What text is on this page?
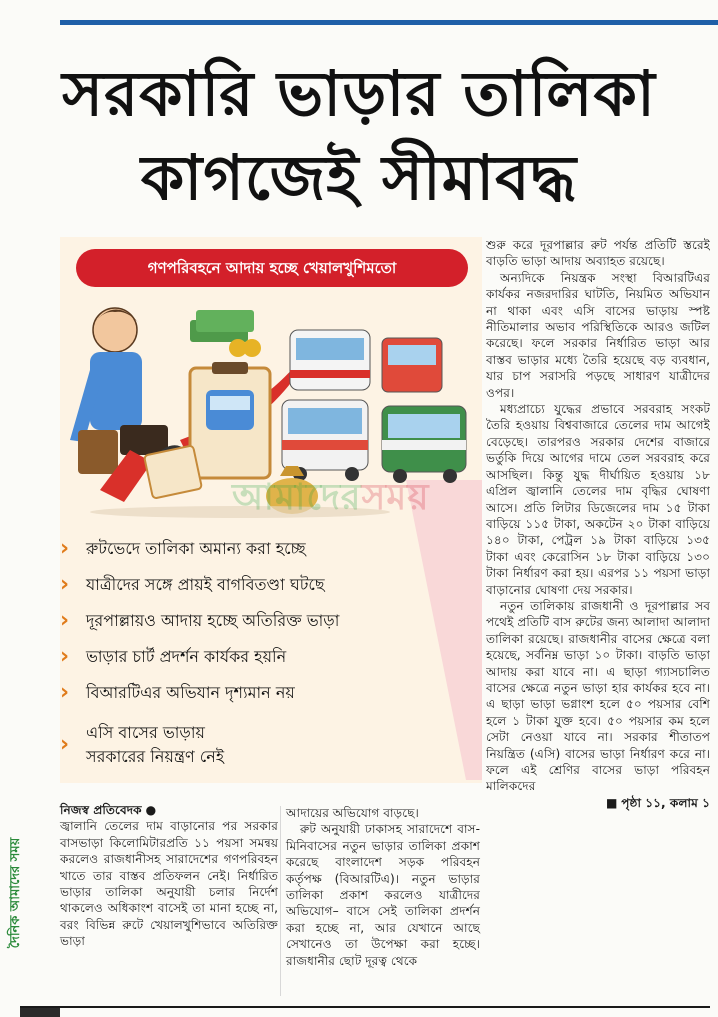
সরকারি ভাড়ার তালিকা
কাগজেই সীমাবদ্ধ
গণপরিবহনে আদায় হচ্ছে খেয়ালখুশিমতো
›	রুটভেদে তালিকা অমান্য করা হচ্ছে
›	যাত্রীদের সঙ্গে প্রায়ই বাগবিতণ্ডা ঘটছে
›	দূরপাল্লায়ও আদায় হচ্ছে অতিরিক্ত ভাড়া
›	ভাড়ার চার্ট প্রদর্শন কার্যকর হয়নি
›	বিআরটিএর অভিযান দৃশ্যমান নয়
›	এসি বাসের ভাড়ায়
সরকারের নিয়ন্ত্রণ নেই
আমাদেরসময়

শুরু করে দূরপাল্লার রুট পর্যন্ত প্রতিটি স্তরেই বাড়তি ভাড়া আদায় অব্যাহত রয়েছে।

অন্যদিকে নিয়ন্ত্রক সংস্থা বিআরটিএর কার্যকর নজরদারির ঘাটতি, নিয়মিত অভিযান না থাকা এবং এসি বাসের ভাড়ায় স্পষ্ট নীতিমালার অভাব পরিস্থিতিকে আরও জটিল করেছে। ফলে সরকার নির্ধারিত ভাড়া আর বাস্তব ভাড়ার মধ্যে তৈরি হয়েছে বড় ব্যবধান, যার চাপ সরাসরি পড়ছে সাধারণ যাত্রীদের ওপর।

মধ্যপ্রাচ্যে যুদ্ধের প্রভাবে সরবরাহ সংকট তৈরি হওয়ায় বিশ্ববাজারে তেলের দাম আগেই বেড়েছে। তারপরও সরকার দেশের বাজারে ভর্তুকি দিয়ে আগের দামে তেল সরবরাহ করে আসছিল। কিন্তু যুদ্ধ দীর্ঘায়িত হওয়ায় ১৮ এপ্রিল জ্বালানি তেলের দাম বৃদ্ধির ঘোষণা আসে। প্রতি লিটার ডিজেলের দাম ১৫ টাকা বাড়িয়ে ১১৫ টাকা, অকটেন ২০ টাকা বাড়িয়ে ১৪০ টাকা, পেট্রল ১৯ টাকা বাড়িয়ে ১৩৫ টাকা এবং কেরোসিন ১৮ টাকা বাড়িয়ে ১৩০ টাকা নির্ধারণ করা হয়। এরপর ১১ পয়সা ভাড়া বাড়ানোর ঘোষণা দেয় সরকার।

নতুন তালিকায় রাজধানী ও দূরপাল্লার সব পথেই প্রতিটি বাস রুটের জন্য আলাদা আলাদা তালিকা রয়েছে। রাজধানীর বাসের ক্ষেত্রে বলা হয়েছে, সর্বনিম্ন ভাড়া ১০ টাকা। বাড়তি ভাড়া আদায় করা যাবে না। এ ছাড়া গ্যাসচালিত বাসের ক্ষেত্রে নতুন ভাড়া হার কার্যকর হবে না। এ ছাড়া ভাড়া ভগ্নাংশ হলে ৫০ পয়সার বেশি হলে ১ টাকা যুক্ত হবে। ৫০ পয়সার কম হলে সেটা নেওয়া যাবে না। সরকার শীতাতপ নিয়ন্ত্রিত (এসি) বাসের ভাড়া নির্ধারণ করে না। ফলে এই শ্রেণির বাসের ভাড়া পরিবহন মালিকদের

■ পৃষ্ঠা ১১, কলাম ১

নিজস্ব প্রতিবেদক ●

জ্বালানি তেলের দাম বাড়ানোর পর সরকার বাসভাড়া কিলোমিটারপ্রতি ১১ পয়সা সমন্বয় করলেও রাজধানীসহ সারাদেশের গণপরিবহন খাতে তার বাস্তব প্রতিফলন নেই। নির্ধারিত ভাড়ার তালিকা অনুযায়ী চলার নির্দেশ থাকলেও অধিকাংশ বাসেই তা মানা হচ্ছে না, বরং বিভিন্ন রুটে খেয়ালখুশিভাবে অতিরিক্ত ভাড়া

আদায়ের অভিযোগ বাড়ছে।

রুট অনুযায়ী ঢাকাসহ সারাদেশে বাস-মিনিবাসের নতুন ভাড়ার তালিকা প্রকাশ করেছে বাংলাদেশ সড়ক পরিবহন কর্তৃপক্ষ (বিআরটিএ)। নতুন ভাড়ার তালিকা প্রকাশ করলেও যাত্রীদের অভিযোগ– বাসে সেই তালিকা প্রদর্শন করা হচ্ছে না, আর যেখানে আছে সেখানেও তা উপেক্ষা করা হচ্ছে। রাজধানীর ছোট দূরত্ব থেকে

দৈনিক আমাদের সময়
